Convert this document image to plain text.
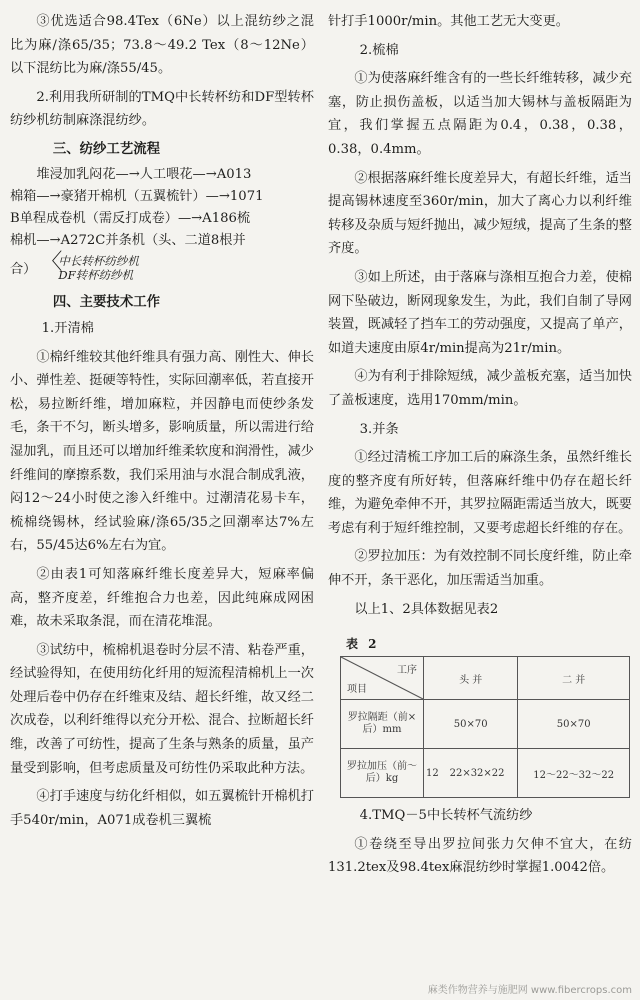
③优选适合98.4Tex（6Ne）以上混纺纱之混比为麻/涤65/35；73.8～49.2 Tex（8～12Ne）以下混纺比为麻/涤55/45。

2.利用我所研制的TMQ中长转杯纺和DF型转杯纺纱机纺制麻涤混纺纱。

三、纺纱工艺流程

堆浸加乳闷花—→人工喂花—→A013

棉箱—→豪猪开棉机（五翼梳针）—→1071

B单程成卷机（需反打成卷）—→A186梳

棉机—→A272C并条机（头、二道8根并

合） 〈
中长转杯纺纱机
DF转杯纺纱机

四、主要技术工作

1.开清棉

①棉纤维较其他纤维具有强力高、刚性大、伸长小、弹性差、挺硬等特性，实际回潮率低，若直接开松，易拉断纤维，增加麻粒，并因静电而使纱条发毛，条干不匀，断头增多，影响质量，所以需进行给湿加乳，而且还可以增加纤维柔软度和润滑性，减少纤维间的摩擦系数，我们采用油与水混合制成乳液，闷12～24小时使之渗入纤维中。过潮清花易卡车，梳棉绕锡林，经试验麻/涤65/35之回潮率达7%左右，55/45达6%左右为宜。

②由表1可知落麻纤维长度差异大，短麻率偏高，整齐度差，纤维抱合力也差，因此纯麻成网困难，故未采取条混，而在清花堆混。

③试纺中，梳棉机退卷时分层不清、粘卷严重，经试验得知，在使用纺化纤用的短流程清棉机上一次处理后卷中仍存在纤维束及结、超长纤维，故又经二次成卷，以利纤维得以充分开松、混合、拉断超长纤维，改善了可纺性，提高了生条与熟条的质量，虽产量受到影响，但考虑质量及可纺性仍采取此种方法。

④打手速度与纺化纤相似，如五翼梳针开棉机打手540r/min，A071成卷机三翼梳

针打手1000r/min。其他工艺无大变更。

2.梳棉

①为使落麻纤维含有的一些长纤维转移，减少充塞，防止损伤盖板，以适当加大锡林与盖板隔距为宜，我们掌握五点隔距为0.4，0.38，0.38，0.38，0.4mm。

②根据落麻纤维长度差异大，有超长纤维，适当提高锡林速度至360r/min，加大了离心力以利纤维转移及杂质与短纤抛出，减少短绒，提高了生条的整齐度。

③如上所述，由于落麻与涤相互抱合力差，使棉网下坠破边，断网现象发生，为此，我们自制了导网装置，既减轻了挡车工的劳动强度，又提高了单产，如道夫速度由原4r/min提高为21r/min。

④为有利于排除短绒，减少盖板充塞，适当加快了盖板速度，选用170mm/min。

3.并条

①经过清梳工序加工后的麻涤生条，虽然纤维长度的整齐度有所好转，但落麻纤维中仍存在超长纤维，为避免牵伸不开，其罗拉隔距需适当放大，既要考虑有利于短纤维控制，又要考虑超长纤维的存在。

②罗拉加压：为有效控制不同长度纤维，防止牵伸不开，条干恶化，加压需适当加重。

以上1、2具体数据见表2

表 2
工序
项目	头 并	二 并
罗拉隔距（前×后）mm	50×70	50×70
罗拉加压（前～后）kg	12 22×32×22	12～22～32～22

4.TMQ－5中长转杯气流纺纱

①卷绕至导出罗拉间张力欠伸不宜大，在纺131.2tex及98.4tex麻混纺纱时掌握1.0042倍。

麻类作物营养与施肥网 www.fibercrops.com
